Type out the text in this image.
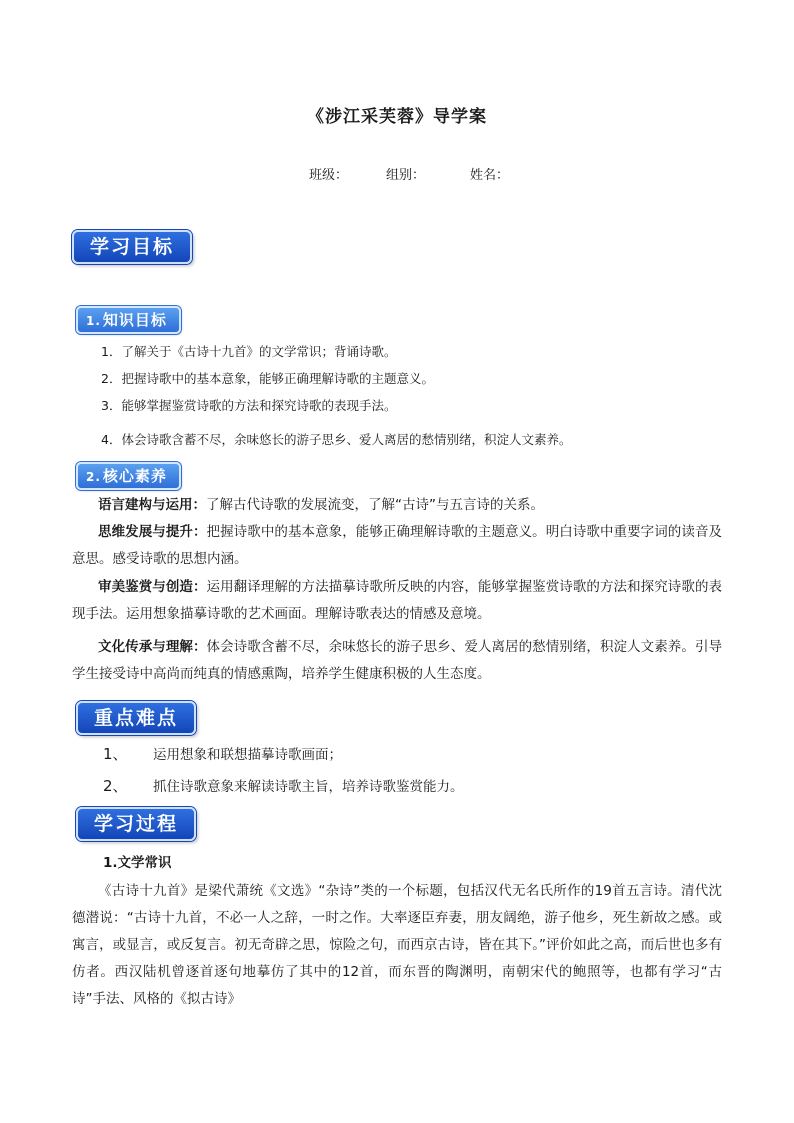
《涉江采芙蓉》导学案
班级：	组别：	姓名：
学习目标
1. 知识目标
1．了解关于《古诗十九首》的文学常识；背诵诗歌。
2．把握诗歌中的基本意象，能够正确理解诗歌的主题意义。
3．能够掌握鉴赏诗歌的方法和探究诗歌的表现手法。
4．体会诗歌含蓄不尽，余味悠长的游子思乡、爱人离居的愁情别绪，积淀人文素养。
2. 核心素养
语言建构与运用：了解古代诗歌的发展流变，了解“古诗”与五言诗的关系。
思维发展与提升：把握诗歌中的基本意象，能够正确理解诗歌的主题意义。明白诗歌中重要字词的读音及意思。感受诗歌的思想内涵。
审美鉴赏与创造：运用翻译理解的方法描摹诗歌所反映的内容，能够掌握鉴赏诗歌的方法和探究诗歌的表现手法。运用想象描摹诗歌的艺术画面。理解诗歌表达的情感及意境。
文化传承与理解：体会诗歌含蓄不尽，余味悠长的游子思乡、爱人离居的愁情别绪，积淀人文素养。引导学生接受诗中高尚而纯真的情感熏陶，培养学生健康积极的人生态度。
重点难点
1、 运用想象和联想描摹诗歌画面；
2、 抓住诗歌意象来解读诗歌主旨，培养诗歌鉴赏能力。
学习过程
1.文学常识
《古诗十九首》是梁代萧统《文选》“杂诗”类的一个标题，包括汉代无名氏所作的19首五言诗。清代沈德潜说：“古诗十九首，不必一人之辞，一时之作。大率逐臣弃妻，朋友阔绝，游子他乡，死生新故之感。或寓言，或显言，或反复言。初无奇辟之思，惊险之句，而西京古诗，皆在其下。”评价如此之高，而后世也多有仿者。西汉陆机曾逐首逐句地摹仿了其中的12首，而东晋的陶渊明，南朝宋代的鲍照等，也都有学习“古诗”手法、风格的《拟古诗》
